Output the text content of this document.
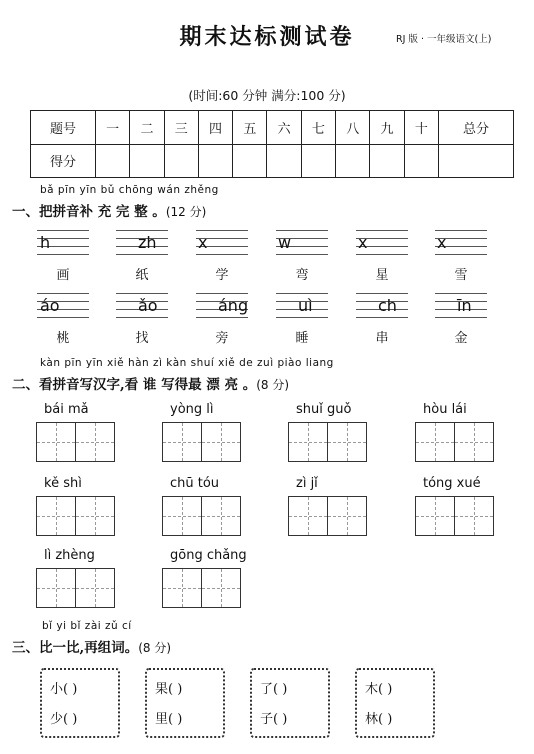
期末达标测试卷	RJ 版 · 一年级语文(上)
(时间:60 分钟 满分:100 分)
题号	一	二	三	四	五	六	七	八	九	十	总分
得分											
bǎ pīn yīn bǔ chōng wán zhěng
一、把拼音补 充 完 整 。(12 分)
h
画
zh
纸
x
学
w
弯
x
星
x
雪
áo
桃
ǎo
找
áng
旁
uì
睡
ch
串
īn
金
kàn pīn yīn xiě hàn zì kàn shuí xiě de zuì piào liang
二、看拼音写汉字,看 谁 写得最 漂 亮 。(8 分)
bái mǎ	yòng lì	shuǐ guǒ	hòu lái
kě shì	chū tóu	zì jǐ	tóng xué
lì zhèng	gōng chǎng
bǐ yi bǐ zài zǔ cí
三、比一比,再组词。(8 分)
小( )
少( )
果( )
里( )
了( )
子( )
木( )
林( )
